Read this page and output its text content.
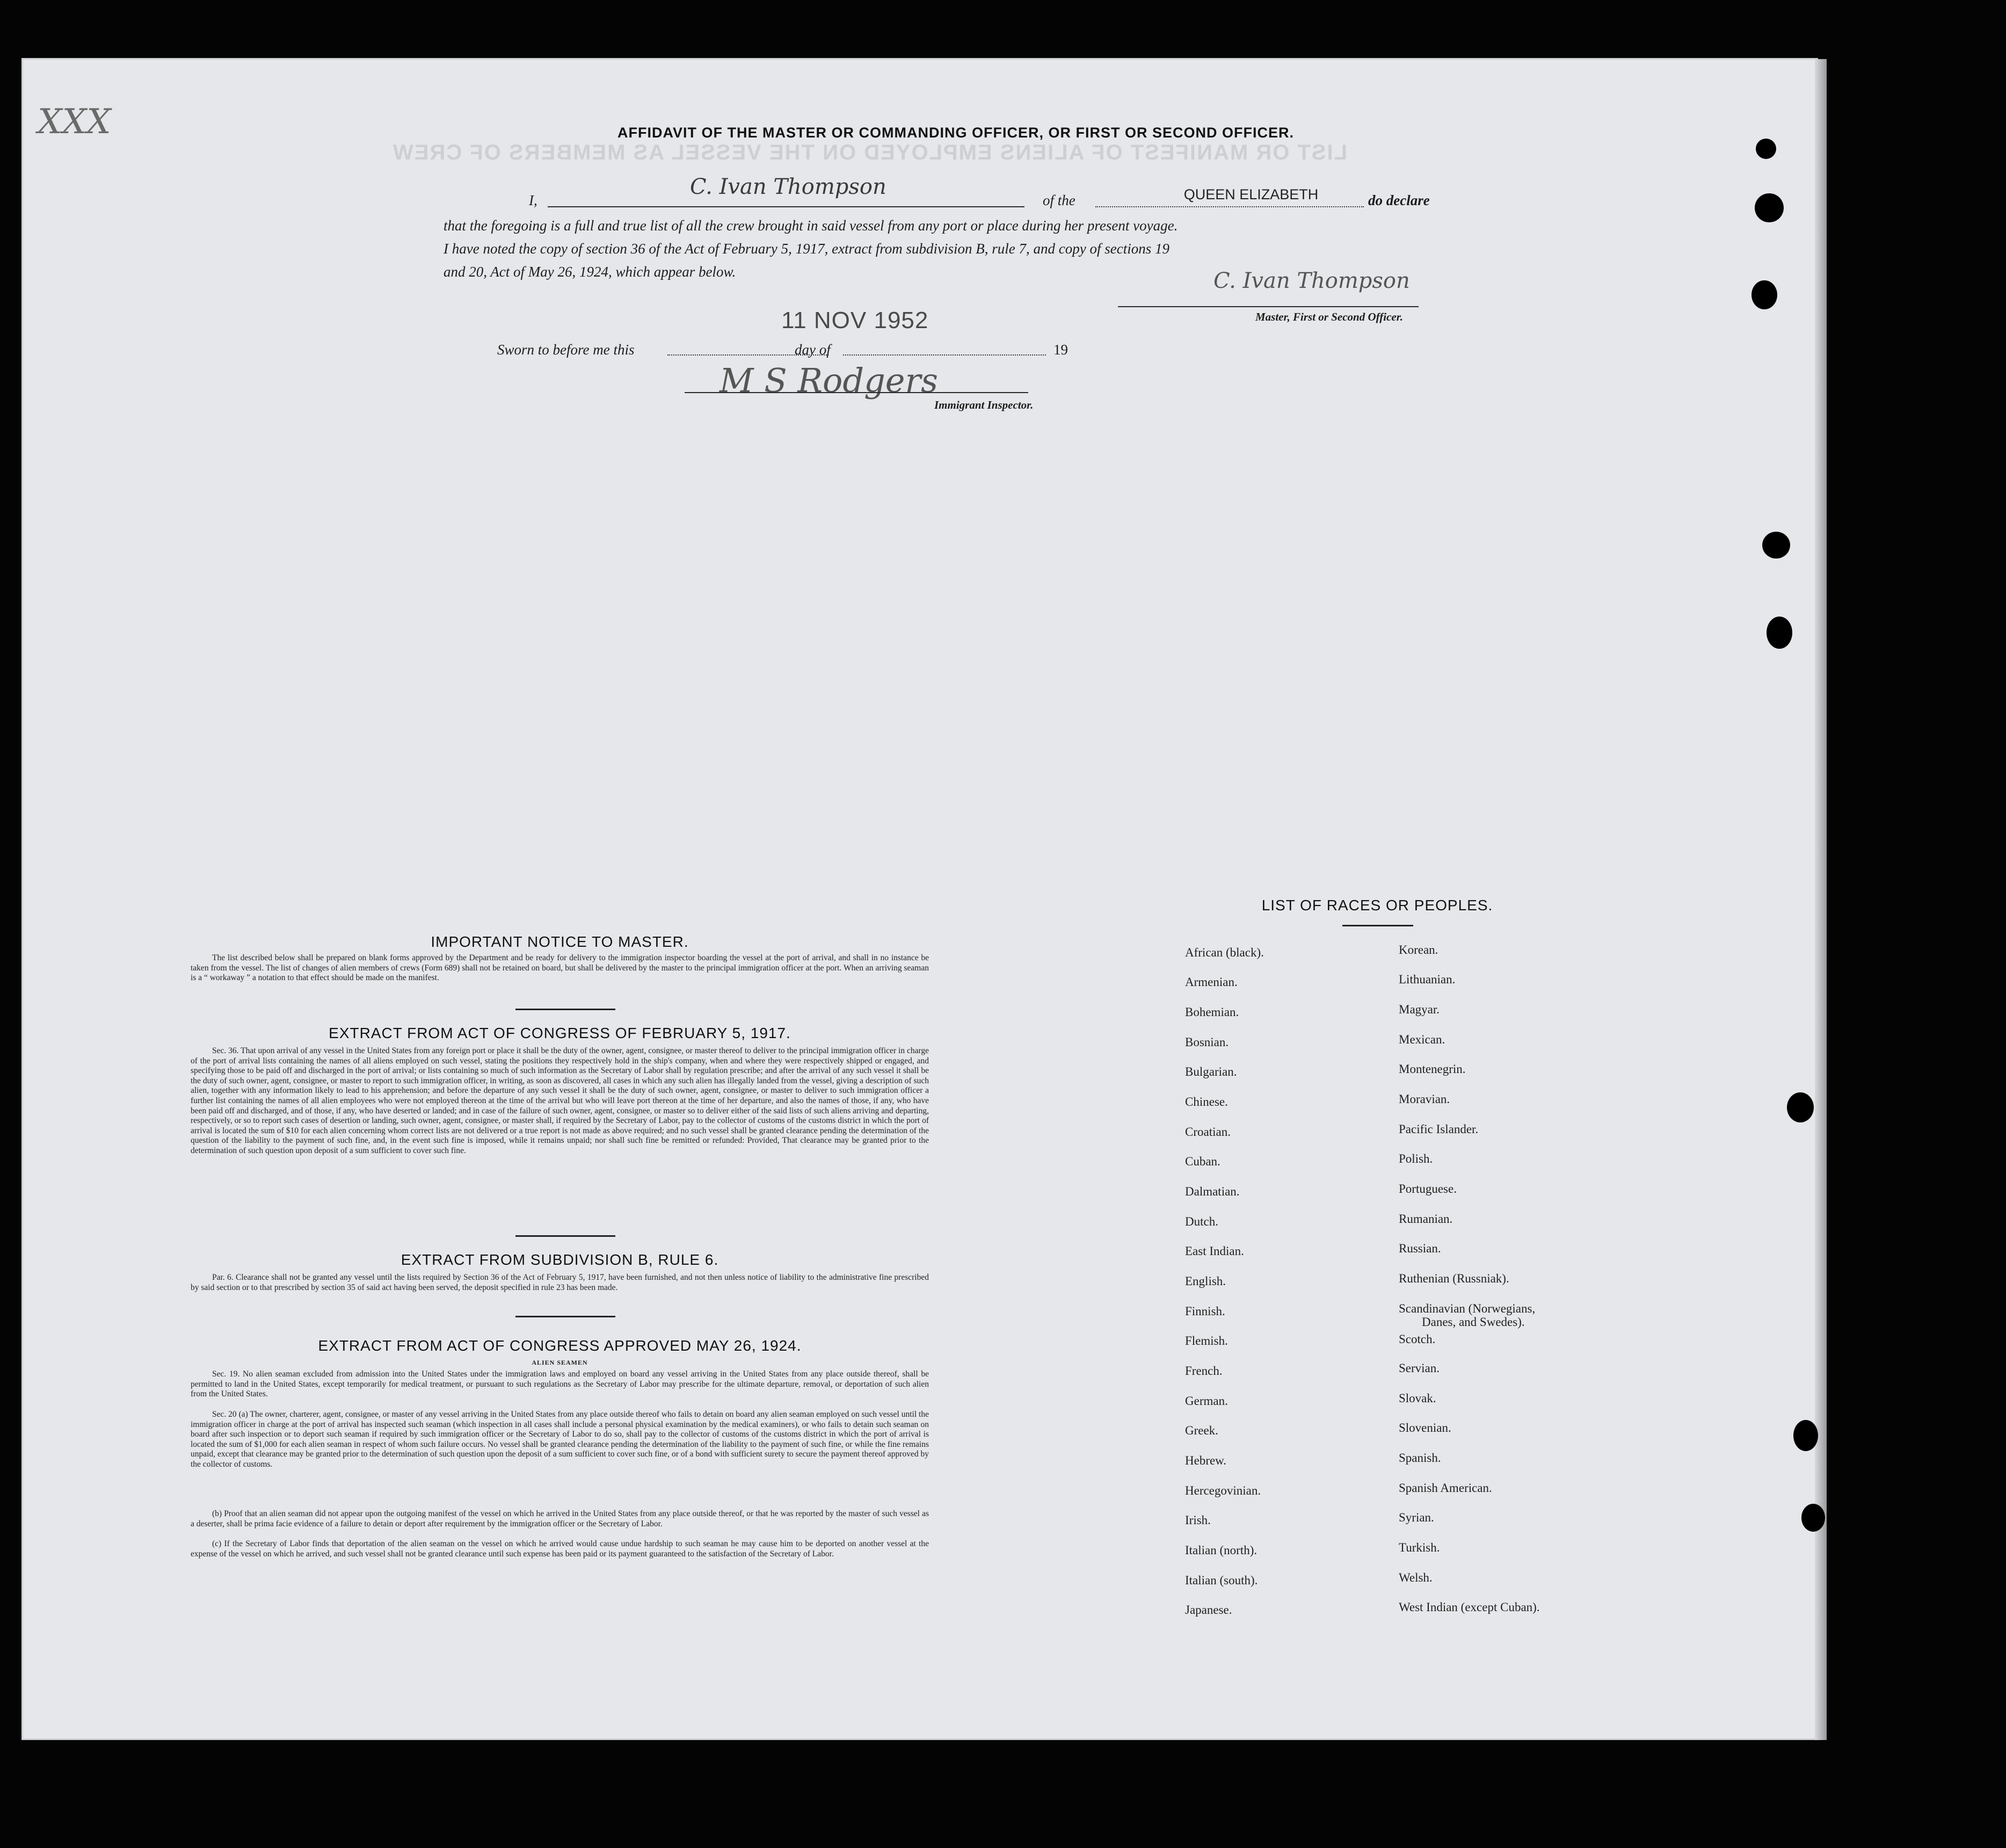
XXX
LIST OR MANIFEST OF ALIENS EMPLOYED ON THE VESSEL AS MEMBERS OF CREW
AFFIDAVIT OF THE MASTER OR COMMANDING OFFICER, OR FIRST OR SECOND OFFICER.
I,
C. Ivan Thompson
of the	QUEEN ELIZABETH	do declare
that the foregoing is a full and true list of all the crew brought in said vessel from any port or place during her present voyage.
I have noted the copy of section 36 of the Act of February 5, 1917, extract from subdivision B, rule 7, and copy of sections 19
and 20, Act of May 26, 1924, which appear below.	C. Ivan Thompson
Master, First or Second Officer.
11 NOV 1952
Sworn to before me this	day of	19
M S Rodgers
Immigrant Inspector.
IMPORTANT NOTICE TO MASTER.
The list described below shall be prepared on blank forms approved by the Department and be ready for delivery to the immigration inspector boarding the vessel at the port of arrival, and shall in no instance be taken from the vessel. The list of changes of alien members of crews (Form 689) shall not be retained on board, but shall be delivered by the master to the principal immigration officer at the port. When an arriving seaman is a “ workaway ” a notation to that effect should be made on the manifest.
EXTRACT FROM ACT OF CONGRESS OF FEBRUARY 5, 1917.
Sec. 36. That upon arrival of any vessel in the United States from any foreign port or place it shall be the duty of the owner, agent, consignee, or master thereof to deliver to the principal immigration officer in charge of the port of arrival lists containing the names of all aliens employed on such vessel, stating the positions they respectively hold in the ship's company, when and where they were respectively shipped or engaged, and specifying those to be paid off and discharged in the port of arrival; or lists containing so much of such information as the Secretary of Labor shall by regulation prescribe; and after the arrival of any such vessel it shall be the duty of such owner, agent, consignee, or master to report to such immigration officer, in writing, as soon as discovered, all cases in which any such alien has illegally landed from the vessel, giving a description of such alien, together with any information likely to lead to his apprehension; and before the departure of any such vessel it shall be the duty of such owner, agent, consignee, or master to deliver to such immigration officer a further list containing the names of all alien employees who were not employed thereon at the time of the arrival but who will leave port thereon at the time of her departure, and also the names of those, if any, who have been paid off and discharged, and of those, if any, who have deserted or landed; and in case of the failure of such owner, agent, consignee, or master so to deliver either of the said lists of such aliens arriving and departing, respectively, or so to report such cases of desertion or landing, such owner, agent, consignee, or master shall, if required by the Secretary of Labor, pay to the collector of customs of the customs district in which the port of arrival is located the sum of $10 for each alien concerning whom correct lists are not delivered or a true report is not made as above required; and no such vessel shall be granted clearance pending the determination of the question of the liability to the payment of such fine, and, in the event such fine is imposed, while it remains unpaid; nor shall such fine be remitted or refunded: Provided, That clearance may be granted prior to the determination of such question upon deposit of a sum sufficient to cover such fine.
EXTRACT FROM SUBDIVISION B, RULE 6.
Par. 6. Clearance shall not be granted any vessel until the lists required by Section 36 of the Act of February 5, 1917, have been furnished, and not then unless notice of liability to the administrative fine prescribed by said section or to that prescribed by section 35 of said act having been served, the deposit specified in rule 23 has been made.
EXTRACT FROM ACT OF CONGRESS APPROVED MAY 26, 1924.
ALIEN SEAMEN
Sec. 19. No alien seaman excluded from admission into the United States under the immigration laws and employed on board any vessel arriving in the United States from any place outside thereof, shall be permitted to land in the United States, except temporarily for medical treatment, or pursuant to such regulations as the Secretary of Labor may prescribe for the ultimate departure, removal, or deportation of such alien from the United States.
Sec. 20 (a) The owner, charterer, agent, consignee, or master of any vessel arriving in the United States from any place outside thereof who fails to detain on board any alien seaman employed on such vessel until the immigration officer in charge at the port of arrival has inspected such seaman (which inspection in all cases shall include a personal physical examination by the medical examiners), or who fails to detain such seaman on board after such inspection or to deport such seaman if required by such immigration officer or the Secretary of Labor to do so, shall pay to the collector of customs of the customs district in which the port of arrival is located the sum of $1,000 for each alien seaman in respect of whom such failure occurs. No vessel shall be granted clearance pending the determination of the liability to the payment of such fine, or while the fine remains unpaid, except that clearance may be granted prior to the determination of such question upon the deposit of a sum sufficient to cover such fine, or of a bond with sufficient surety to secure the payment thereof approved by the collector of customs.
(b) Proof that an alien seaman did not appear upon the outgoing manifest of the vessel on which he arrived in the United States from any place outside thereof, or that he was reported by the master of such vessel as a deserter, shall be prima facie evidence of a failure to detain or deport after requirement by the immigration officer or the Secretary of Labor.
(c) If the Secretary of Labor finds that deportation of the alien seaman on the vessel on which he arrived would cause undue hardship to such seaman he may cause him to be deported on another vessel at the expense of the vessel on which he arrived, and such vessel shall not be granted clearance until such expense has been paid or its payment guaranteed to the satisfaction of the Secretary of Labor.
LIST OF RACES OR PEOPLES.
African (black).
Armenian.
Bohemian.
Bosnian.
Bulgarian.
Chinese.
Croatian.
Cuban.
Dalmatian.
Dutch.
East Indian.
English.
Finnish.
Flemish.
French.
German.
Greek.
Hebrew.
Hercegovinian.
Irish.
Italian (north).
Italian (south).
Japanese.
Korean.
Lithuanian.
Magyar.
Mexican.
Montenegrin.
Moravian.
Pacific Islander.
Polish.
Portuguese.
Rumanian.
Russian.
Ruthenian (Russniak).
Scandinavian (Norwegians,
Danes, and Swedes).
Scotch.
Servian.
Slovak.
Slovenian.
Spanish.
Spanish American.
Syrian.
Turkish.
Welsh.
West Indian (except Cuban).
